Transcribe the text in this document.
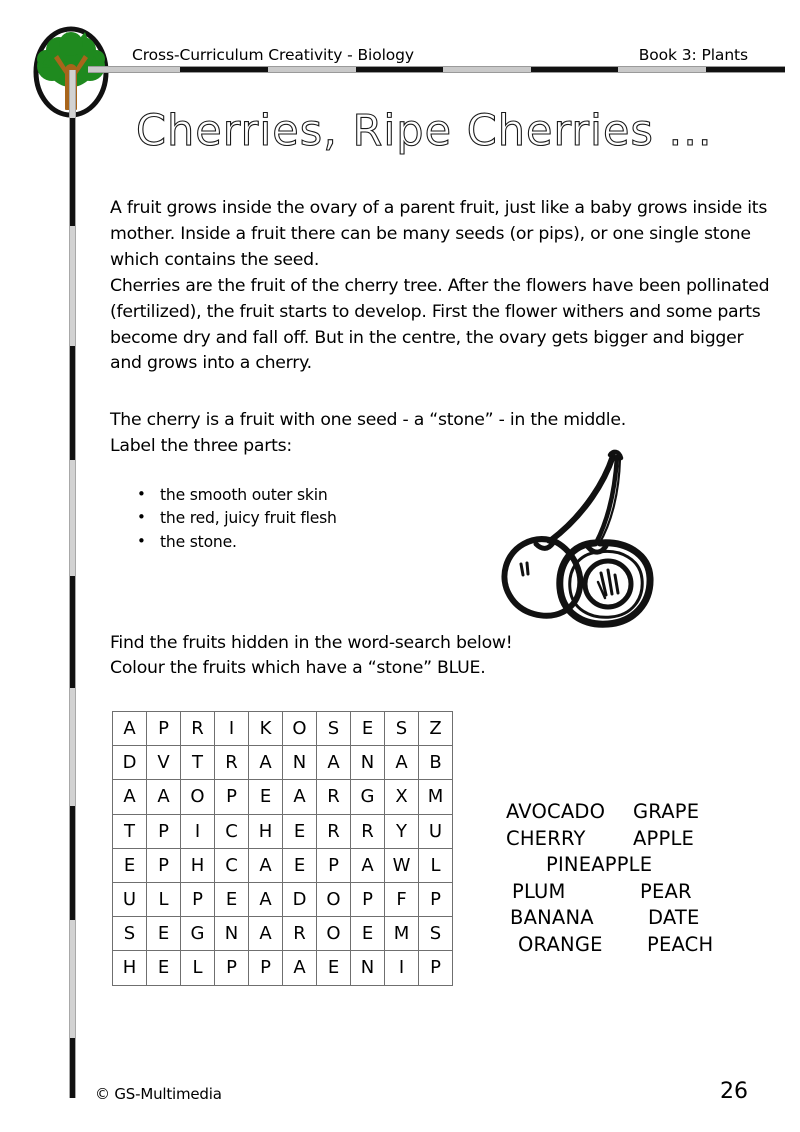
Cross-Curriculum Creativity - Biology	Book 3: Plants
Cherries, Ripe Cherries ...
A fruit grows inside the ovary of a parent fruit, just like a baby grows inside its mother. Inside a fruit there can be many seeds (or pips), or one single stone which contains the seed.
Cherries are the fruit of the cherry tree. After the flowers have been pollinated (fertilized), the fruit starts to develop. First the flower withers and some parts become dry and fall off. But in the centre, the ovary gets bigger and bigger and grows into a cherry.
The cherry is a fruit with one seed - a “stone” - in the middle.
Label the three parts:
• the smooth outer skin
• the red, juicy fruit flesh
• the stone.
Find the fruits hidden in the word-search below!
Colour the fruits which have a “stone” BLUE.
A	P	R	I	K	O	S	E	S	Z
D	V	T	R	A	N	A	N	A	B
A	A	O	P	E	A	R	G	X	M
T	P	I	C	H	E	R	R	Y	U
E	P	H	C	A	E	P	A	W	L
U	L	P	E	A	D	O	P	F	P
S	E	G	N	A	R	O	E	M	S
H	E	L	P	P	A	E	N	I	P
AVOCADO GRAPE
CHERRY APPLE
PINEAPPLE
PLUM	PEAR
BANANA	DATE
ORANGE PEACH
© GS-Multimedia	26
